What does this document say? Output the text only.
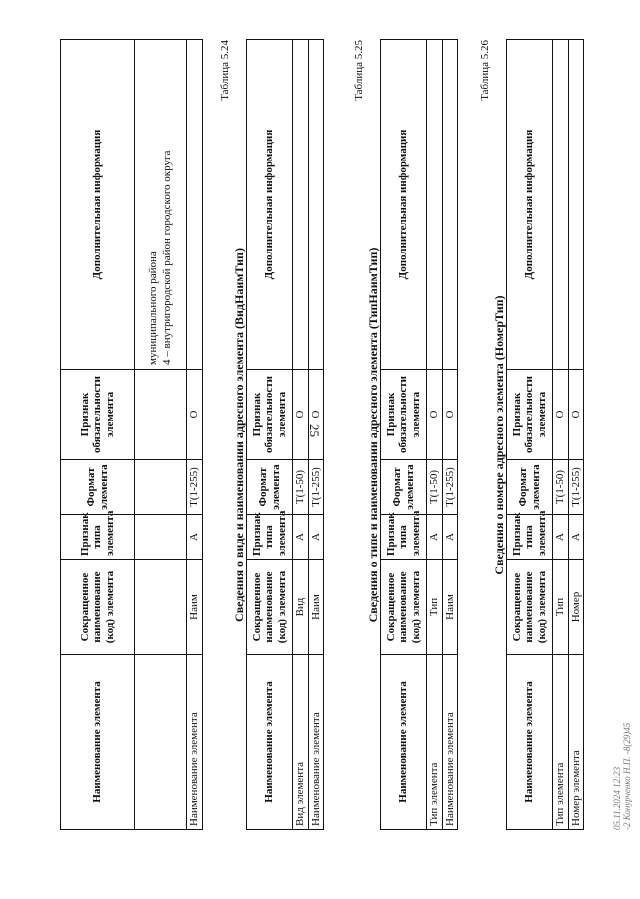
25
Наименование элемента	Сокращенное наименование (код) элемента	Признак типа элемента	Формат элемента	Признак обязательности элемента	Дополнительная информация

					муниципального района 4 – внутригородской район городского округа

Наименование элемента	Наим	А	T(1-255)	О	
Таблица 5.24
Сведения о виде и наименовании адресного элемента (ВидНаимТип)
Наименование элемента	Сокращенное наименование (код) элемента	Признак типа элемента	Формат элемента	Признак обязательности элемента	Дополнительная информация
Вид элемента	Вид	А	T(1-50)	О	
Наименование элемента	Наим	А	T(1-255)	О	
Таблица 5.25
Сведения о типе и наименовании адресного элемента (ТипНаимТип)
Наименование элемента	Сокращенное наименование (код) элемента	Признак типа элемента	Формат элемента	Признак обязательности элемента	Дополнительная информация
Тип элемента	Тип	А	T(1-50)	О	
Наименование элемента	Наим	А	T(1-255)	О	
Таблица 5.26
Сведения о номере адресного элемента (НомерТип)
Наименование элемента	Сокращенное наименование (код) элемента	Признак типа элемента	Формат элемента	Признак обязательности элемента	Дополнительная информация
Тип элемента	Тип	А	T(1-50)	О	
Номер элемента	Номер	А	T(1-255)	О	
05.11.2024 12:23 -2 Конурченко Н.П. -8(29)45
